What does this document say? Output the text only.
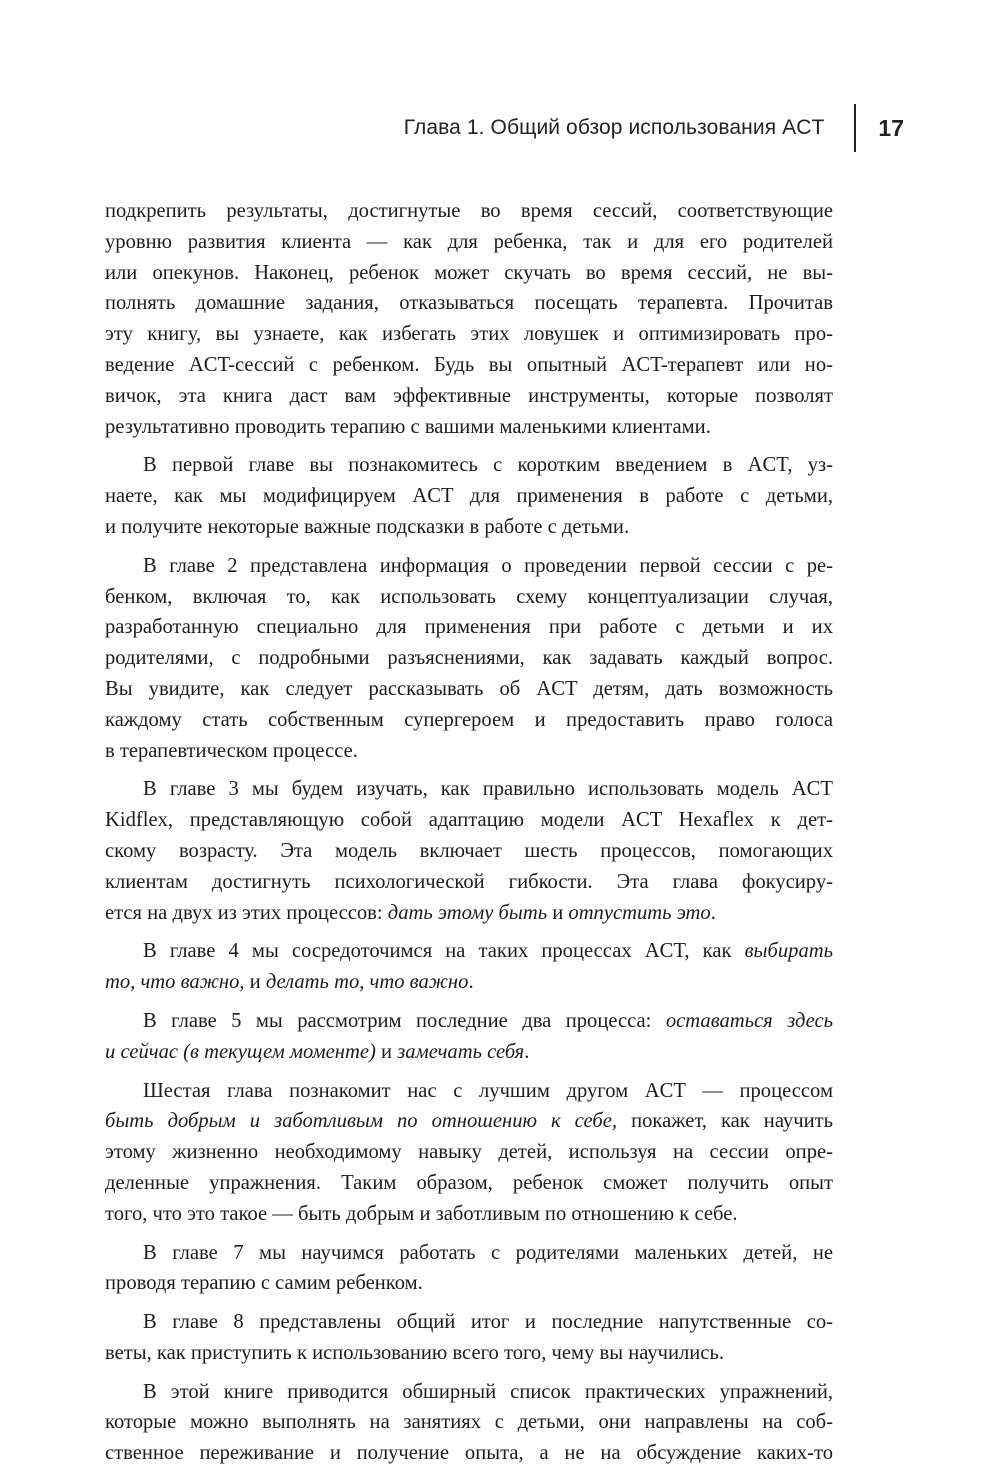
Глава 1. Общий обзор использования ACT 17
подкрепить результаты, достигнутые во время сессий, соответствующие
уровню развития клиента — как для ребенка, так и для его родителей
или опекунов. Наконец, ребенок может скучать во время сессий, не вы-
полнять домашние задания, отказываться посещать терапевта. Прочитав
эту книгу, вы узнаете, как избегать этих ловушек и оптимизировать про-
ведение ACT-сессий с ребенком. Будь вы опытный ACT-терапевт или но-
вичок, эта книга даст вам эффективные инструменты, которые позволят
результативно проводить терапию с вашими маленькими клиентами.
В первой главе вы познакомитесь с коротким введением в ACT, уз-
наете, как мы модифицируем ACT для применения в работе с детьми,
и получите некоторые важные подсказки в работе с детьми.
В главе 2 представлена информация о проведении первой сессии с ре-
бенком, включая то, как использовать схему концептуализации случая,
разработанную специально для применения при работе с детьми и их
родителями, с подробными разъяснениями, как задавать каждый вопрос.
Вы увидите, как следует рассказывать об ACT детям, дать возможность
каждому стать собственным супергероем и предоставить право голоса
в терапевтическом процессе.
В главе 3 мы будем изучать, как правильно использовать модель ACT
Kidflex, представляющую собой адаптацию модели ACT Hexaflex к дет-
скому возрасту. Эта модель включает шесть процессов, помогающих
клиентам достигнуть психологической гибкости. Эта глава фокусиру-
ется на двух из этих процессов: дать этому быть и отпустить это.
В главе 4 мы сосредоточимся на таких процессах ACT, как выбирать
то, что важно, и делать то, что важно.
В главе 5 мы рассмотрим последние два процесса: оставаться здесь
и сейчас (в текущем моменте) и замечать себя.
Шестая глава познакомит нас с лучшим другом ACT — процессом
быть добрым и заботливым по отношению к себе, покажет, как научить
этому жизненно необходимому навыку детей, используя на сессии опре-
деленные упражнения. Таким образом, ребенок сможет получить опыт
того, что это такое — быть добрым и заботливым по отношению к себе.
В главе 7 мы научимся работать с родителями маленьких детей, не
проводя терапию с самим ребенком.
В главе 8 представлены общий итог и последние напутственные со-
веты, как приступить к использованию всего того, чему вы научились.
В этой книге приводится обширный список практических упражнений,
которые можно выполнять на занятиях с детьми, они направлены на соб-
ственное переживание и получение опыта, а не на обсуждение каких-то
